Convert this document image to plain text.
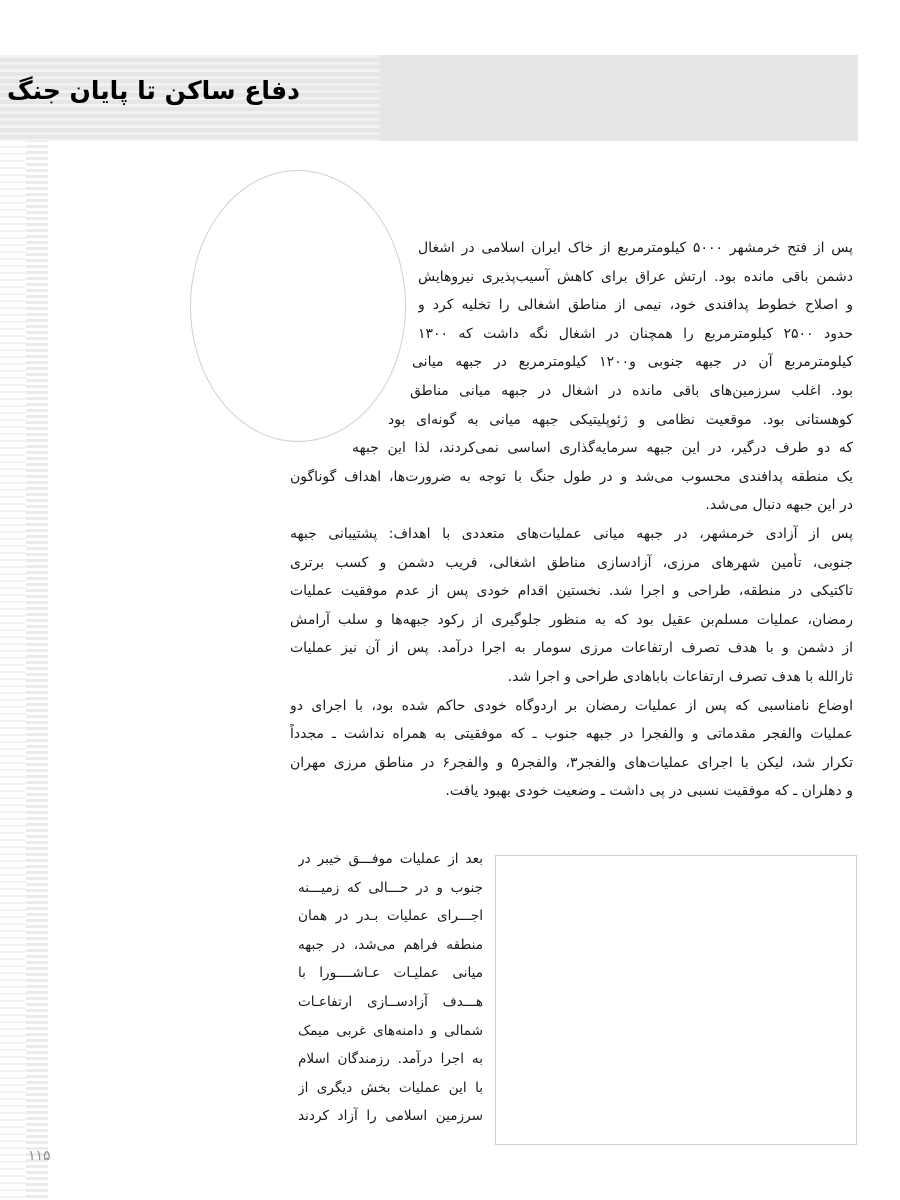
دفاع ساکن تا پایان جنگ
پس از فتح خرمشهر ۵۰۰۰ کیلومترمربع از خاک ایران اسلامی در اشغال
دشمن باقی مانده بود. ارتش عراق برای کاهش آسیب‌پذیری نیروهایش
و اصلاح خطوط پدافندی خود، نیمی از مناطق اشغالی را تخلیه کرد و
حدود ۲۵۰۰ کیلومترمربع را همچنان در اشغال نگه داشت که ۱۳۰۰
کیلومترمربع آن در جبهه جنوبی و۱۲۰۰ کیلومترمربع در جبهه میانی
بود. اغلب سرزمین‌های باقی مانده در اشغال در جبهه میانی مناطق
کوهستانی بود. موقعیت نظامی و ژئوپلیتیکی جبهه میانی به گونه‌ای بود
که دو طرف درگیر، در این جبهه سرمایه‌گذاری اساسی نمی‌کردند، لذا این جبهه
یک منطقه پدافندی محسوب می‌شد و در طول جنگ با توجه به ضرورت‌ها، اهداف گوناگون
در این جبهه دنبال می‌شد.
پس از آزادی خرمشهر، در جبهه میانی عملیات‌های متعددی با اهداف: پشتیبانی جبهه
جنوبی، تأمین شهرهای مرزی، آزادسازی مناطق اشغالی، فریب دشمن و کسب برتری
تاکتیکی در منطقه، طراحی و اجرا شد. نخستین اقدام خودی پس از عدم موفقیت عملیات
رمضان، عملیات مسلم‌بن عقیل بود که به منظور جلوگیری از رکود جبهه‌ها و سلب آرامش
از دشمن و با هدف تصرف ارتفاعات مرزی سومار به اجرا درآمد. پس از آن نیز عملیات
ثارالله با هدف تصرف ارتفاعات باباهادی طراحی و اجرا شد.
اوضاع نامناسبی که پس از عملیات رمضان بر اردوگاه خودی حاکم شده بود، با اجرای دو
عملیات والفجر مقدماتی و والفجرا در جبهه جنوب ـ که موفقیتی به همراه نداشت ـ مجدداً
تکرار شد، لیکن با اجرای عملیات‌های والفجر۳، والفجر۵ و والفجر۶ در مناطق مرزی مهران
و دهلران ـ که موفقیت نسبی در پی داشت ـ وضعیت خودی بهبود یافت.
بعد از عملیات موفـــق خیبر در
جنوب و در حـــالی که زمیـــنه
اجـــرای عملیات بـدر در همان
منطقه فراهم می‌شد، در جبهه
میانی عملیـات عـاشــــورا با
هـــدف آزادســازی ارتفاعـات
شمالی و دامنه‌های غربی میمک
به اجرا درآمد. رزمندگان اسلام
با این عملیات بخش دیگری از
سرزمین اسلامی را آزاد کردند
۱۱۵
